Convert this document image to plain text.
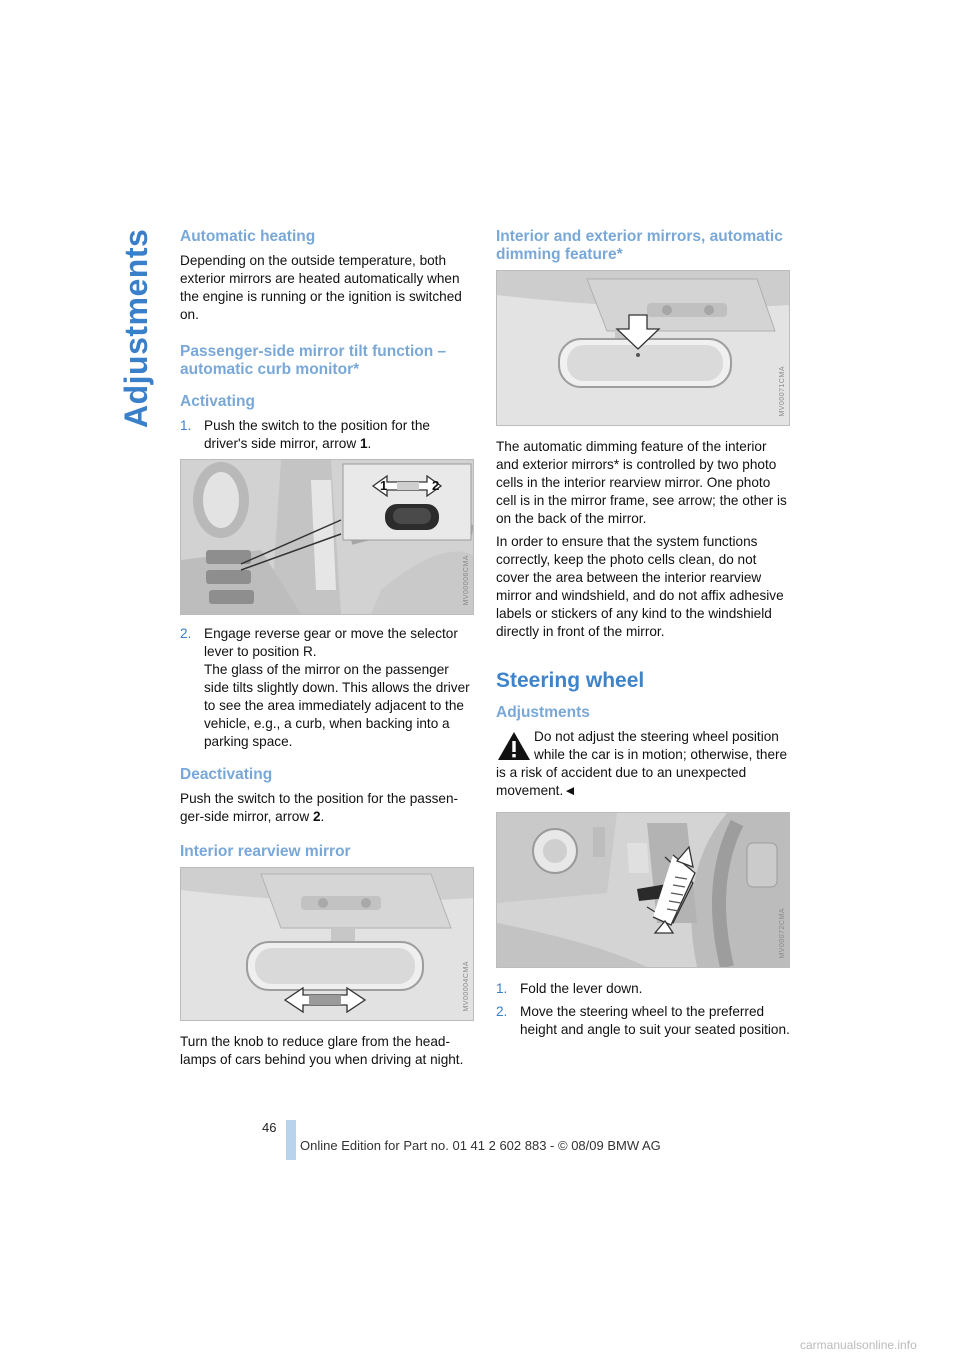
Adjustments Automatic heating

Depending on the outside temperature, both exterior mirrors are heated automatically when the engine is running or the ignition is switched on.

Passenger-side mirror tilt function – automatic curb monitor*
Activating
1. Push the switch to the position for the driver's side mirror, arrow 1.
1	2
MV00006CMA
2. Engage reverse gear or move the selector lever to position R.
The glass of the mirror on the passenger side tilts slightly down. This allows the driver to see the area immediately adjacent to the vehicle, e.g., a curb, when backing into a parking space.
Deactivating

Push the switch to the position for the passen-ger-side mirror, arrow 2.

Interior rearview mirror
MV00004CMA

Turn the knob to reduce glare from the head-lamps of cars behind you when driving at night.

Interior and exterior mirrors, automatic dimming feature*
MV00071CMA

The automatic dimming feature of the interior and exterior mirrors* is controlled by two photo cells in the interior rearview mirror. One photo cell is in the mirror frame, see arrow; the other is on the back of the mirror.

In order to ensure that the system functions correctly, keep the photo cells clean, do not cover the area between the interior rearview mirror and windshield, and do not affix adhesive labels or stickers of any kind to the windshield directly in front of the mirror.

Steering wheel
Adjustments
Do not adjust the steering wheel position while the car is in motion; otherwise, there
is a risk of accident due to an unexpected movement.◄
MV00072CMA
1. Fold the lever down.
2. Move the steering wheel to the preferred height and angle to suit your seated position.
46
Online Edition for Part no. 01 41 2 602 883 - © 08/09 BMW AG
carmanualsonline.info
